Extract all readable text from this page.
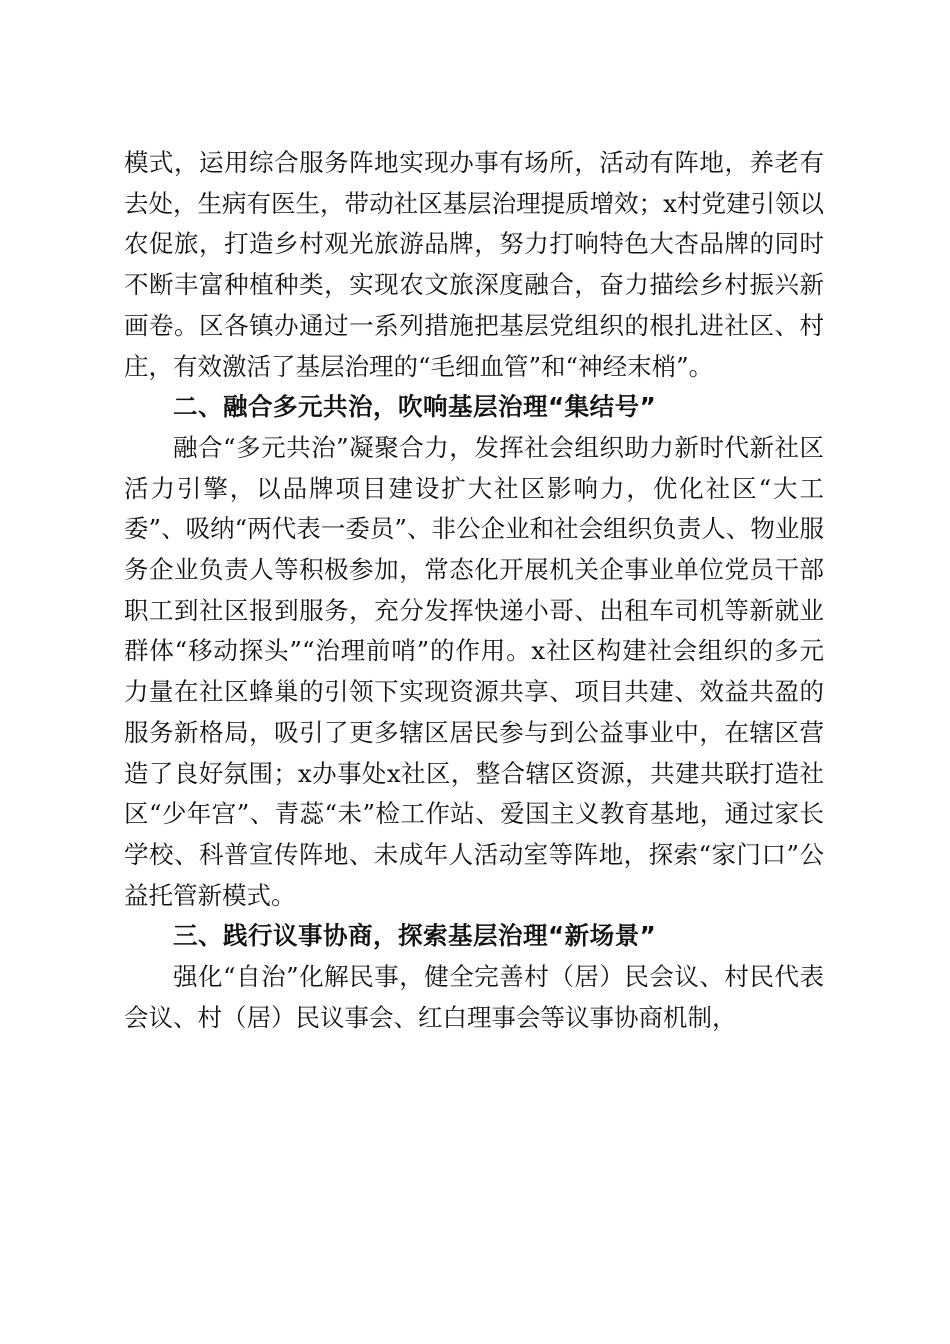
模式，运用综合服务阵地实现办事有场所，活动有阵地，养老有去处，生病有医生，带动社区基层治理提质增效；x村党建引领以农促旅，打造乡村观光旅游品牌，努力打响特色大杏品牌的同时不断丰富种植种类，实现农文旅深度融合，奋力描绘乡村振兴新画卷。区各镇办通过一系列措施把基层党组织的根扎进社区、村庄，有效激活了基层治理的“毛细血管”和“神经末梢”。

二、融合多元共治，吹响基层治理“集结号”

融合“多元共治”凝聚合力，发挥社会组织助力新时代新社区活力引擎，以品牌项目建设扩大社区影响力，优化社区“大工委”、吸纳“两代表一委员”、非公企业和社会组织负责人、物业服务企业负责人等积极参加，常态化开展机关企事业单位党员干部职工到社区报到服务，充分发挥快递小哥、出租车司机等新就业群体“移动探头”“治理前哨”的作用。x社区构建社会组织的多元力量在社区蜂巢的引领下实现资源共享、项目共建、效益共盈的服务新格局，吸引了更多辖区居民参与到公益事业中，在辖区营造了良好氛围；x办事处x社区，整合辖区资源，共建共联打造社区“少年宫”、青蕊“未”检工作站、爱国主义教育基地，通过家长学校、科普宣传阵地、未成年人活动室等阵地，探索“家门口”公益托管新模式。

三、践行议事协商，探索基层治理“新场景”

强化“自治”化解民事，健全完善村（居）民会议、村民代表会议、村（居）民议事会、红白理事会等议事协商机制，
